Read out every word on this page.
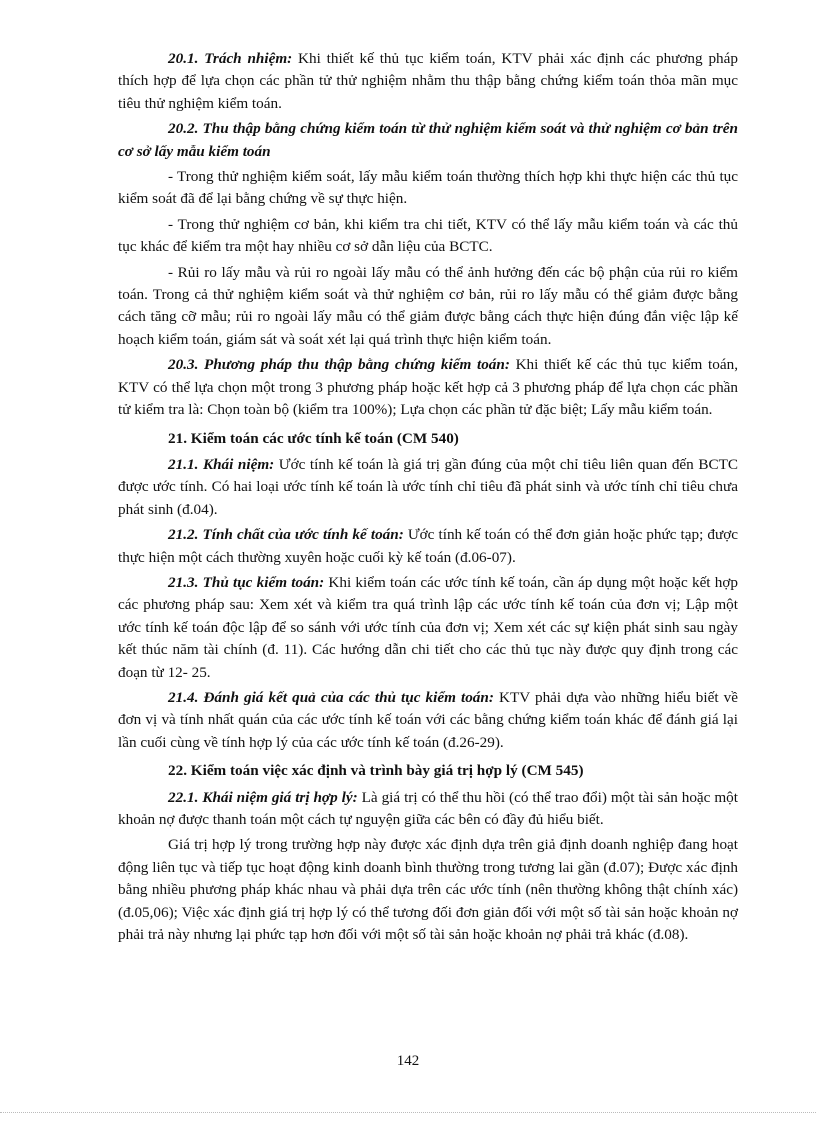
20.1. Trách nhiệm: Khi thiết kế thủ tục kiểm toán, KTV phải xác định các phương pháp thích hợp để lựa chọn các phần tử thử nghiệm nhằm thu thập bằng chứng kiểm toán thỏa mãn mục tiêu thử nghiệm kiểm toán.

20.2. Thu thập bằng chứng kiểm toán từ thử nghiệm kiểm soát và thử nghiệm cơ bản trên cơ sở lấy mẫu kiểm toán

- Trong thử nghiệm kiểm soát, lấy mẫu kiểm toán thường thích hợp khi thực hiện các thủ tục kiểm soát đã để lại bằng chứng về sự thực hiện.

- Trong thử nghiệm cơ bản, khi kiểm tra chi tiết, KTV có thể lấy mẫu kiểm toán và các thủ tục khác để kiểm tra một hay nhiều cơ sở dẫn liệu của BCTC.

- Rủi ro lấy mẫu và rủi ro ngoài lấy mẫu có thể ảnh hưởng đến các bộ phận của rủi ro kiểm toán. Trong cả thử nghiệm kiểm soát và thử nghiệm cơ bản, rủi ro lấy mẫu có thể giảm được bằng cách tăng cỡ mẫu; rủi ro ngoài lấy mẫu có thể giảm được bằng cách thực hiện đúng đắn việc lập kế hoạch kiểm toán, giám sát và soát xét lại quá trình thực hiện kiểm toán.

20.3. Phương pháp thu thập bằng chứng kiểm toán: Khi thiết kế các thủ tục kiểm toán, KTV có thể lựa chọn một trong 3 phương pháp hoặc kết hợp cả 3 phương pháp để lựa chọn các phần tử kiểm tra là: Chọn toàn bộ (kiểm tra 100%); Lựa chọn các phần tử đặc biệt; Lấy mẫu kiểm toán.

21. Kiểm toán các ước tính kế toán (CM 540)

21.1. Khái niệm: Ước tính kế toán là giá trị gần đúng của một chỉ tiêu liên quan đến BCTC được ước tính. Có hai loại ước tính kế toán là ước tính chỉ tiêu đã phát sinh và ước tính chỉ tiêu chưa phát sinh (đ.04).

21.2. Tính chất của ước tính kế toán: Ước tính kế toán có thể đơn giản hoặc phức tạp; được thực hiện một cách thường xuyên hoặc cuối kỳ kế toán (đ.06-07).

21.3. Thủ tục kiểm toán: Khi kiểm toán các ước tính kế toán, cần áp dụng một hoặc kết hợp các phương pháp sau: Xem xét và kiểm tra quá trình lập các ước tính kế toán của đơn vị; Lập một ước tính kế toán độc lập để so sánh với ước tính của đơn vị; Xem xét các sự kiện phát sinh sau ngày kết thúc năm tài chính (đ. 11). Các hướng dẫn chi tiết cho các thủ tục này được quy định trong các đoạn từ 12- 25.

21.4. Đánh giá kết quả của các thủ tục kiểm toán: KTV phải dựa vào những hiểu biết về đơn vị và tính nhất quán của các ước tính kế toán với các bằng chứng kiểm toán khác để đánh giá lại lần cuối cùng về tính hợp lý của các ước tính kế toán (đ.26-29).

22. Kiểm toán việc xác định và trình bày giá trị hợp lý (CM 545)

22.1. Khái niệm giá trị hợp lý: Là giá trị có thể thu hồi (có thể trao đổi) một tài sản hoặc một khoản nợ được thanh toán một cách tự nguyện giữa các bên có đầy đủ hiểu biết.

Giá trị hợp lý trong trường hợp này được xác định dựa trên giả định doanh nghiệp đang hoạt động liên tục và tiếp tục hoạt động kinh doanh bình thường trong tương lai gần (đ.07); Được xác định bằng nhiều phương pháp khác nhau và phải dựa trên các ước tính (nên thường không thật chính xác)(đ.05,06); Việc xác định giá trị hợp lý có thể tương đối đơn giản đối với một số tài sản hoặc khoản nợ phải trả này nhưng lại phức tạp hơn đối với một số tài sản hoặc khoản nợ phải trả khác (đ.08).

142
